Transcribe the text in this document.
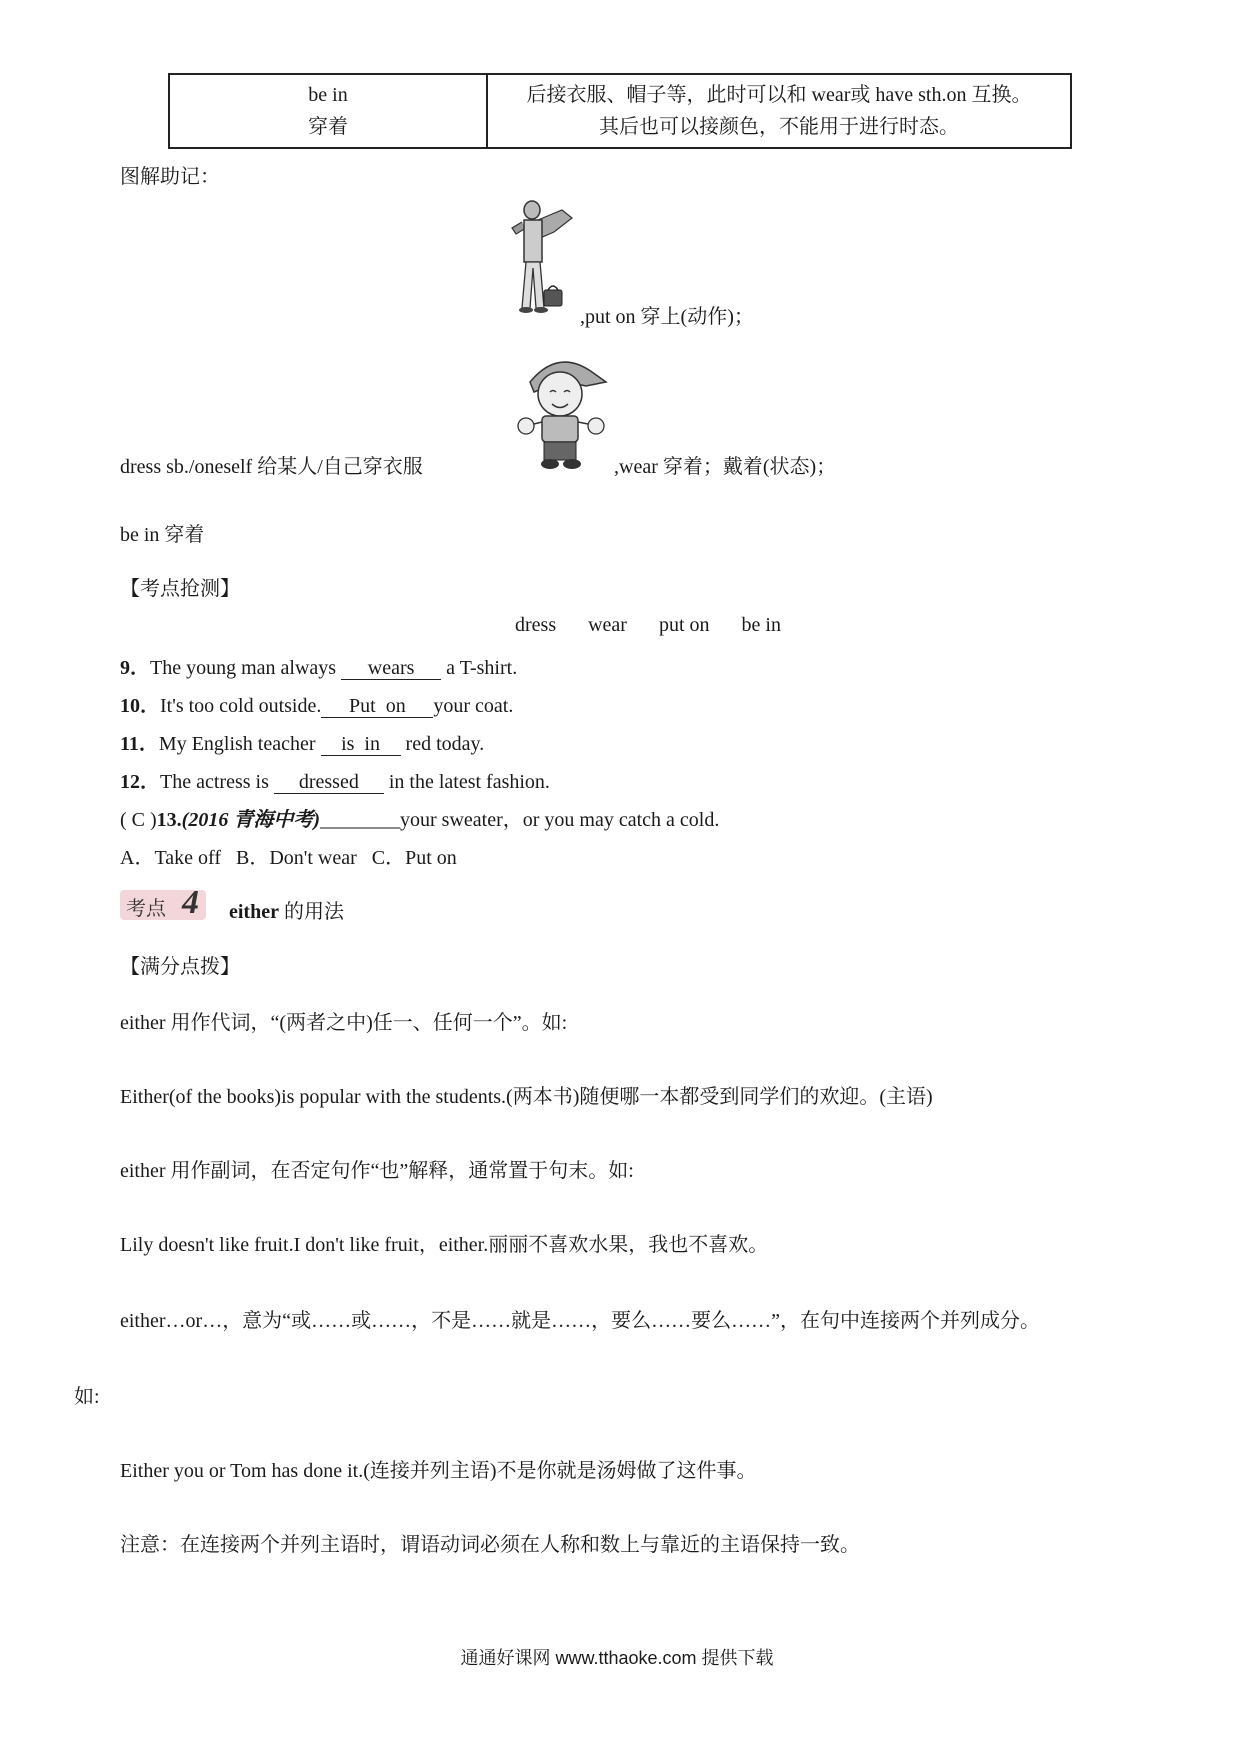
be in
穿着

后接衣服、帽子等，此时可以和 wear或 have sth.on 互换。
其后也可以接颜色，不能用于进行时态。
图解助记：
,put on 穿上(动作)；
dress sb./oneself 给某人/自己穿衣服	,wear 穿着；戴着(状态)；
be in 穿着
【考点抢测】
dress wear put on be in
9．The young man always wears a T-shirt.
10．It's too cold outside. Put  on your coat.
11．My English teacher is  in red today.
12．The actress is dressed in the latest fashion.
( C )13.(2016 青海中考)________your sweater，or you may catch a cold.
A．Take off   B．Don't wear   C．Put on
考点 4 either 的用法
【满分点拨】
either 用作代词，“(两者之中)任一、任何一个”。如:
Either(of the books)is popular with the students.(两本书)随便哪一本都受到同学们的欢迎。(主语)
either 用作副词，在否定句作“也”解释，通常置于句末。如:
Lily doesn't like fruit.I don't like fruit，either.丽丽不喜欢水果，我也不喜欢。
either…or…，意为“或……或……，不是……就是……，要么……要么……”，在句中连接两个并列成分。
如:
Either you or Tom has done it.(连接并列主语)不是你就是汤姆做了这件事。
注意：在连接两个并列主语时，谓语动词必须在人称和数上与靠近的主语保持一致。
通通好课网 www.tthaoke.com 提供下载
